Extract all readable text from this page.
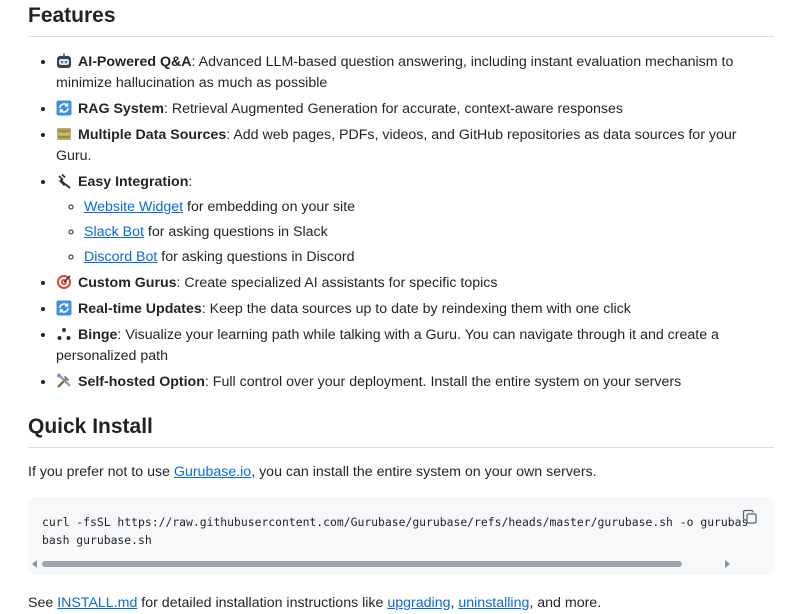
Features
• AI-Powered Q&A: Advanced LLM-based question answering, including instant evaluation mechanism to minimize hallucination as much as possible
• RAG System: Retrieval Augmented Generation for accurate, context-aware responses
• Multiple Data Sources: Add web pages, PDFs, videos, and GitHub repositories as data sources for your Guru.
• Easy Integration:
◦ Website Widget for embedding on your site
◦ Slack Bot for asking questions in Slack
◦ Discord Bot for asking questions in Discord
• Custom Gurus: Create specialized AI assistants for specific topics
• Real-time Updates: Keep the data sources up to date by reindexing them with one click
• Binge: Visualize your learning path while talking with a Guru. You can navigate through it and create a personalized path
• Self-hosted Option: Full control over your deployment. Install the entire system on your servers
Quick Install

If you prefer not to use Gurubase.io, you can install the entire system on your own servers.

curl -fsSL https://raw.githubusercontent.com/Gurubase/gurubase/refs/heads/master/gurubase.sh -o gurubas
bash gurubase.sh

See INSTALL.md for detailed installation instructions like upgrading, uninstalling, and more.
